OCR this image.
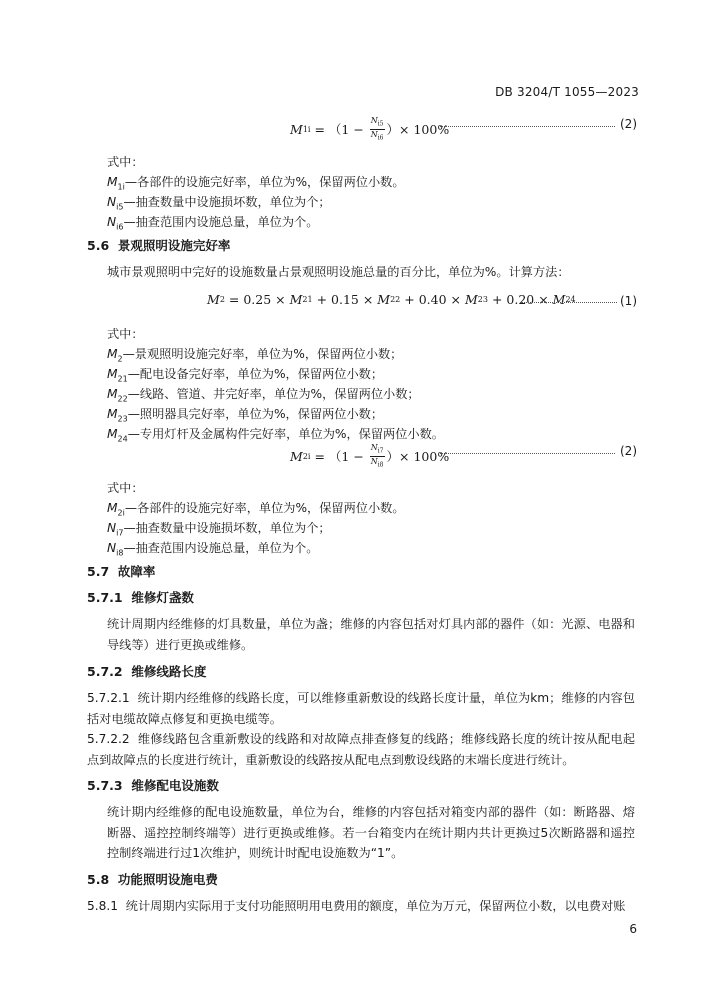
DB 3204/T 1055—2023
M $1i = (1 - \frac{N_{i5}}{N_{i6}}$ ）× 100%	(2)
式中：
$M_{1i}—$各部件的设施完好率，单位为%，保留两位小数。
$N_{i5}—$抽查数量中设施损坏数，单位为个；
$N_{i6}—$抽查范围内设施总量，单位为个。
5.6 景观照明设施完好率
城市景观照明中完好的设施数量占景观照明设施总量的百分比，单位为%。计算方法：
M 2 = 0.25 × M 21 + 0.15 × M 22 + 0.40 × M 23 + 0.20 × M 24	(1)
式中：
$M_2—$景观照明设施完好率，单位为%，保留两位小数；
$M_{21}—$配电设备完好率，单位为%，保留两位小数；
$M_{22}—$线路、管道、井完好率，单位为%，保留两位小数；
$M_{23}—$照明器具完好率，单位为%，保留两位小数；
$M_{24}—$专用灯杆及金属构件完好率，单位为%，保留两位小数。
M $2i = (1 - \frac{N_{i7}}{N_{i8}}$ ）× 100%	(2)
式中：
$M_{2i}—$各部件的设施完好率，单位为%，保留两位小数。
$N_{i7}—$抽查数量中设施损坏数，单位为个；
$N_{i8}—$抽查范围内设施总量，单位为个。
5.7 故障率
5.7.1 维修灯盏数
统计周期内经维修的灯具数量，单位为盏；维修的内容包括对灯具内部的器件（如：光源、电器和导线等）进行更换或维修。
5.7.2 维修线路长度
5.7.2.1 统计期内经维修的线路长度，可以维修重新敷设的线路长度计量，单位为km；维修的内容包括对电缆故障点修复和更换电缆等。
5.7.2.2 维修线路包含重新敷设的线路和对故障点排查修复的线路；维修线路长度的统计按从配电起点到故障点的长度进行统计，重新敷设的线路按从配电点到敷设线路的末端长度进行统计。
5.7.3 维修配电设施数
统计期内经维修的配电设施数量，单位为台，维修的内容包括对箱变内部的器件（如：断路器、熔断器、遥控控制终端等）进行更换或维修。若一台箱变内在统计期内共计更换过5次断路器和遥控控制终端进行过1次维护，则统计时配电设施数为“1”。
5.8 功能照明设施电费
5.8.1 统计周期内实际用于支付功能照明用电费用的额度，单位为万元，保留两位小数，以电费对账
6
